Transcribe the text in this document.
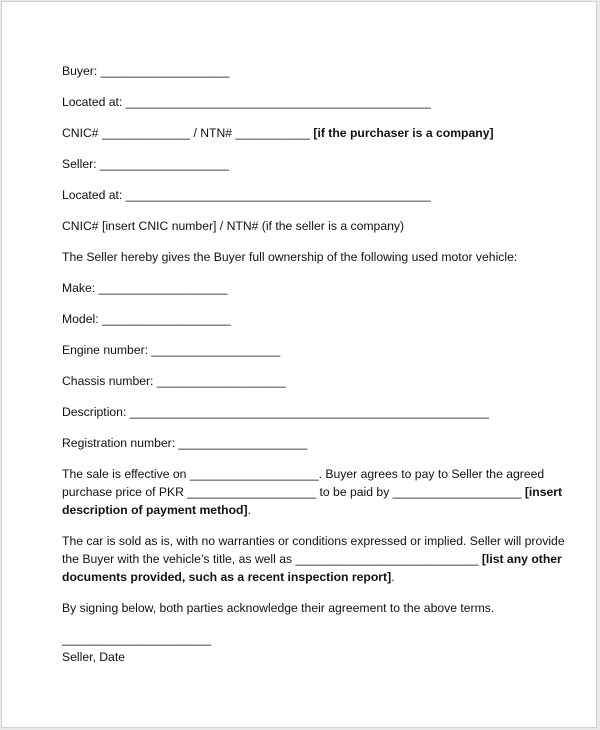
Buyer: ___________________

Located at: _____________________________________________

CNIC# _____________ / NTN# ___________ [if the purchaser is a company]

Seller: ___________________

Located at: _____________________________________________

CNIC# [insert CNIC number] / NTN# (if the seller is a company)

The Seller hereby gives the Buyer full ownership of the following used motor vehicle:

Make: ___________________

Model: ___________________

Engine number: ___________________

Chassis number: ___________________

Description: _____________________________________________________

Registration number: ___________________

The sale is effective on ___________________. Buyer agrees to pay to Seller the agreed
purchase price of PKR ___________________ to be paid by ___________________ [insert
description of payment method].
The car is sold as is, with no warranties or conditions expressed or implied. Seller will provide
the Buyer with the vehicle’s title, as well as ___________________________ [list any other
documents provided, such as a recent inspection report].

By signing below, both parties acknowledge their agreement to the above terms.

______________________

Seller, Date
